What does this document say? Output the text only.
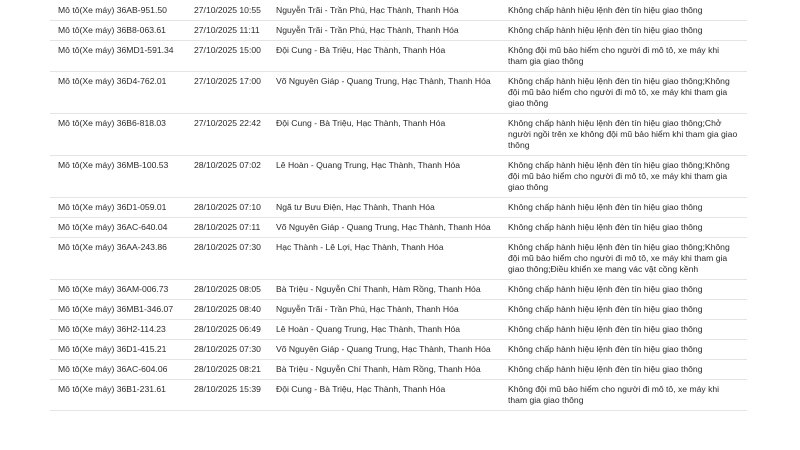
Mô tô(Xe máy) 36AB-951.50	27/10/2025 10:55	Nguyễn Trãi - Trần Phú, Hạc Thành, Thanh Hóa	Không chấp hành hiệu lệnh đèn tín hiệu giao thông
Mô tô(Xe máy) 36B8-063.61	27/10/2025 11:11	Nguyễn Trãi - Trần Phú, Hạc Thành, Thanh Hóa	Không chấp hành hiệu lệnh đèn tín hiệu giao thông
Mô tô(Xe máy) 36MD1-591.34	27/10/2025 15:00	Đội Cung - Bà Triệu, Hạc Thành, Thanh Hóa	Không đội mũ bảo hiểm cho người đi mô tô, xe máy khi tham gia giao thông
Mô tô(Xe máy) 36D4-762.01	27/10/2025 17:00	Võ Nguyên Giáp - Quang Trung, Hạc Thành, Thanh Hóa	Không chấp hành hiệu lệnh đèn tín hiệu giao thông;Không đội mũ bảo hiểm cho người đi mô tô, xe máy khi tham gia giao thông
Mô tô(Xe máy) 36B6-818.03	27/10/2025 22:42	Đội Cung - Bà Triệu, Hạc Thành, Thanh Hóa	Không chấp hành hiệu lệnh đèn tín hiệu giao thông;Chở người ngồi trên xe không đội mũ bảo hiểm khi tham gia giao thông
Mô tô(Xe máy) 36MB-100.53	28/10/2025 07:02	Lê Hoàn - Quang Trung, Hạc Thành, Thanh Hóa	Không chấp hành hiệu lệnh đèn tín hiệu giao thông;Không đội mũ bảo hiểm cho người đi mô tô, xe máy khi tham gia giao thông
Mô tô(Xe máy) 36D1-059.01	28/10/2025 07:10	Ngã tư Bưu Điện, Hạc Thành, Thanh Hóa	Không chấp hành hiệu lệnh đèn tín hiệu giao thông
Mô tô(Xe máy) 36AC-640.04	28/10/2025 07:11	Võ Nguyên Giáp - Quang Trung, Hạc Thành, Thanh Hóa	Không chấp hành hiệu lệnh đèn tín hiệu giao thông
Mô tô(Xe máy) 36AA-243.86	28/10/2025 07:30	Hạc Thành - Lê Lợi, Hạc Thành, Thanh Hóa	Không chấp hành hiệu lệnh đèn tín hiệu giao thông;Không đội mũ bảo hiểm cho người đi mô tô, xe máy khi tham gia giao thông;Điều khiển xe mang vác vật cồng kềnh
Mô tô(Xe máy) 36AM-006.73	28/10/2025 08:05	Bà Triệu - Nguyễn Chí Thanh, Hàm Rồng, Thanh Hóa	Không chấp hành hiệu lệnh đèn tín hiệu giao thông
Mô tô(Xe máy) 36MB1-346.07	28/10/2025 08:40	Nguyễn Trãi - Trần Phú, Hạc Thành, Thanh Hóa	Không chấp hành hiệu lệnh đèn tín hiệu giao thông
Mô tô(Xe máy) 36H2-114.23	28/10/2025 06:49	Lê Hoàn - Quang Trung, Hạc Thành, Thanh Hóa	Không chấp hành hiệu lệnh đèn tín hiệu giao thông
Mô tô(Xe máy) 36D1-415.21	28/10/2025 07:30	Võ Nguyên Giáp - Quang Trung, Hạc Thành, Thanh Hóa	Không chấp hành hiệu lệnh đèn tín hiệu giao thông
Mô tô(Xe máy) 36AC-604.06	28/10/2025 08:21	Bà Triệu - Nguyễn Chí Thanh, Hàm Rồng, Thanh Hóa	Không chấp hành hiệu lệnh đèn tín hiệu giao thông
Mô tô(Xe máy) 36B1-231.61	28/10/2025 15:39	Đội Cung - Bà Triệu, Hạc Thành, Thanh Hóa	Không đội mũ bảo hiểm cho người đi mô tô, xe máy khi tham gia giao thông
